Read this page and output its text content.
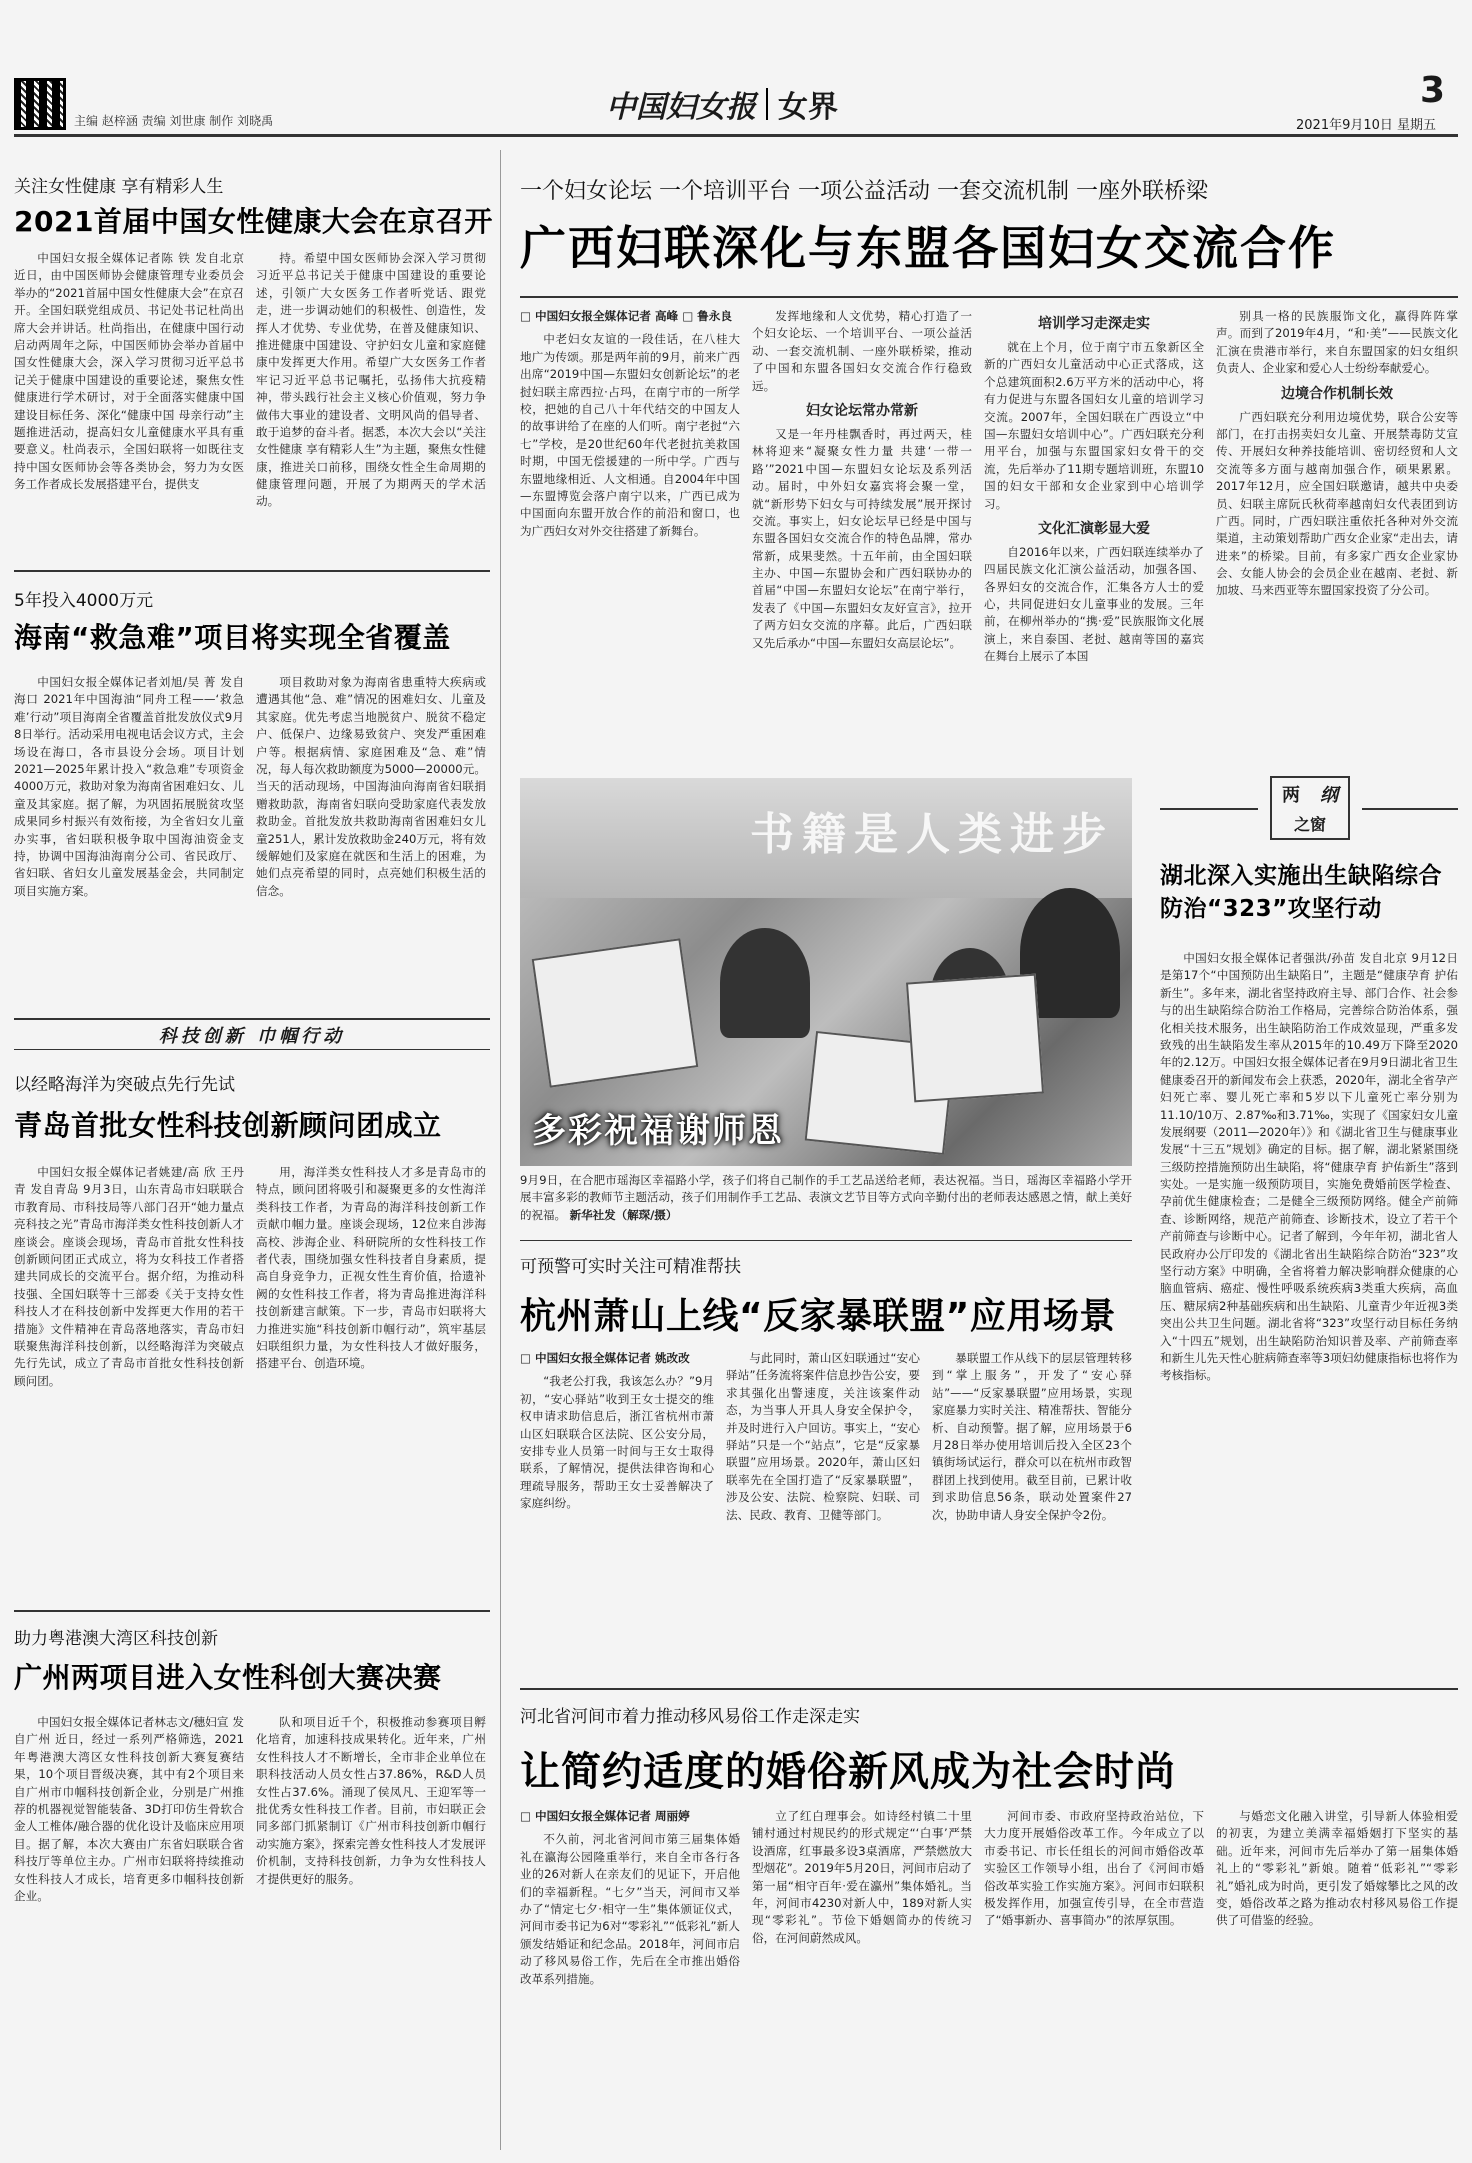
主编 赵梓涵 责编 刘世康 制作 刘晓禹	中国妇女报 女界	3
2021年9月10日 星期五
关注女性健康 享有精彩人生
2021首届中国女性健康大会在京召开

中国妇女报全媒体记者陈 铁 发自北京 近日，由中国医师协会健康管理专业委员会举办的“2021首届中国女性健康大会”在京召开。全国妇联党组成员、书记处书记杜尚出席大会并讲话。杜尚指出，在健康中国行动启动两周年之际，中国医师协会举办首届中国女性健康大会，深入学习贯彻习近平总书记关于健康中国建设的重要论述，聚焦女性健康进行学术研讨，对于全面落实健康中国建设目标任务、深化“健康中国 母亲行动”主题推进活动，提高妇女儿童健康水平具有重要意义。杜尚表示，全国妇联将一如既往支持中国女医师协会等各类协会，努力为女医务工作者成长发展搭建平台，提供支

持。希望中国女医师协会深入学习贯彻习近平总书记关于健康中国建设的重要论述，引领广大女医务工作者听党话、跟党走，进一步调动她们的积极性、创造性，发挥人才优势、专业优势，在普及健康知识、推进健康中国建设、守护妇女儿童和家庭健康中发挥更大作用。希望广大女医务工作者牢记习近平总书记嘱托，弘扬伟大抗疫精神，带头践行社会主义核心价值观，努力争做伟大事业的建设者、文明风尚的倡导者、敢于追梦的奋斗者。据悉，本次大会以“关注女性健康 享有精彩人生”为主题，聚焦女性健康，推进关口前移，围绕女性全生命周期的健康管理问题，开展了为期两天的学术活动。

5年投入4000万元
海南“救急难”项目将实现全省覆盖

中国妇女报全媒体记者刘旭/吴 菁 发自海口 2021年中国海油“同舟工程——‘救急难’行动”项目海南全省覆盖首批发放仪式9月8日举行。活动采用电视电话会议方式，主会场设在海口，各市县设分会场。项目计划2021—2025年累计投入“救急难”专项资金4000万元，救助对象为海南省困难妇女、儿童及其家庭。据了解，为巩固拓展脱贫攻坚成果同乡村振兴有效衔接，为全省妇女儿童办实事，省妇联积极争取中国海油资金支持，协调中国海油海南分公司、省民政厅、省妇联、省妇女儿童发展基金会，共同制定项目实施方案。

项目救助对象为海南省患重特大疾病或遭遇其他“急、难”情况的困难妇女、儿童及其家庭。优先考虑当地脱贫户、脱贫不稳定户、低保户、边缘易致贫户、突发严重困难户等。根据病情、家庭困难及“急、难”情况，每人每次救助额度为5000—20000元。当天的活动现场，中国海油向海南省妇联捐赠救助款，海南省妇联向受助家庭代表发放救助金。首批发放共救助海南省困难妇女儿童251人，累计发放救助金240万元，将有效缓解她们及家庭在就医和生活上的困难，为她们点亮希望的同时，点亮她们积极生活的信念。

科技创新 巾帼行动
以经略海洋为突破点先行先试
青岛首批女性科技创新顾问团成立

中国妇女报全媒体记者姚建/高 欣 王丹青 发自青岛 9月3日，山东青岛市妇联联合市教育局、市科技局等八部门召开“她力量点亮科技之光”青岛市海洋类女性科技创新人才座谈会。座谈会现场，青岛市首批女性科技创新顾问团正式成立，将为女科技工作者搭建共同成长的交流平台。据介绍，为推动科技强、全国妇联等十三部委《关于支持女性科技人才在科技创新中发挥更大作用的若干措施》文件精神在青岛落地落实，青岛市妇联聚焦海洋科技创新，以经略海洋为突破点先行先试，成立了青岛市首批女性科技创新顾问团。

用，海洋类女性科技人才多是青岛市的特点，顾问团将吸引和凝聚更多的女性海洋类科技工作者，为青岛的海洋科技创新工作贡献巾帼力量。座谈会现场，12位来自涉海高校、涉海企业、科研院所的女性科技工作者代表，围绕加强女性科技者自身素质，提高自身竞争力，正视女性生育价值，拾遗补阙的女性科技工作者，将为青岛推进海洋科技创新建言献策。下一步，青岛市妇联将大力推进实施“科技创新巾帼行动”，筑牢基层妇联组织力量，为女性科技人才做好服务，搭建平台、创造环境。

助力粤港澳大湾区科技创新
广州两项目进入女性科创大赛决赛

中国妇女报全媒体记者林志文/穗妇宣 发自广州 近日，经过一系列严格筛选，2021年粤港澳大湾区女性科技创新大赛复赛结果，10个项目晋级决赛，其中有2个项目来自广州市巾帼科技创新企业，分别是广州推荐的机器视觉智能装备、3D打印仿生骨软合金人工椎体/融合器的优化设计及临床应用项目。据了解，本次大赛由广东省妇联联合省科技厅等单位主办。广州市妇联将持续推动女性科技人才成长，培育更多巾帼科技创新企业。

队和项目近千个，积极推动参赛项目孵化培育，加速科技成果转化。近年来，广州女性科技人才不断增长，全市非企业单位在职科技活动人员女性占37.86%，R&D人员女性占37.6%。涌现了侯凤凡、王迎军等一批优秀女性科技工作者。目前，市妇联正会同多部门抓紧制订《广州市科技创新巾帼行动实施方案》，探索完善女性科技人才发展评价机制，支持科技创新，力争为女性科技人才提供更好的服务。

一个妇女论坛 一个培训平台 一项公益活动 一套交流机制 一座外联桥梁
广西妇联深化与东盟各国妇女交流合作
□ 中国妇女报全媒体记者 高峰 □ 鲁永良

中老妇女友谊的一段佳话，在八桂大地广为传颂。那是两年前的9月，前来广西出席“2019中国—东盟妇女创新论坛”的老挝妇联主席西拉·占玛，在南宁市的一所学校，把她的自己八十年代结交的中国友人的故事讲给了在座的人们听。南宁老挝“六七”学校，是20世纪60年代老挝抗美救国时期，中国无偿援建的一所中学。广西与东盟地缘相近、人文相通。自2004年中国—东盟博览会落户南宁以来，广西已成为中国面向东盟开放合作的前沿和窗口，也为广西妇女对外交往搭建了新舞台。

发挥地缘和人文优势，精心打造了一个妇女论坛、一个培训平台、一项公益活动、一套交流机制、一座外联桥梁，推动了中国和东盟各国妇女交流合作行稳致远。

妇女论坛常办常新

又是一年丹桂飘香时，再过两天，桂林将迎来“凝聚女性力量 共建‘一带一路’”2021中国—东盟妇女论坛及系列活动。届时，中外妇女嘉宾将会聚一堂，就“新形势下妇女与可持续发展”展开探讨交流。事实上，妇女论坛早已经是中国与东盟各国妇女交流合作的特色品牌，常办常新，成果斐然。十五年前，由全国妇联主办、中国—东盟协会和广西妇联协办的首届“中国—东盟妇女论坛”在南宁举行，发表了《中国—东盟妇女友好宣言》，拉开了两方妇女交流的序幕。此后，广西妇联又先后承办“中国—东盟妇女高层论坛”。

培训学习走深走实

就在上个月，位于南宁市五象新区全新的广西妇女儿童活动中心正式落成，这个总建筑面积2.6万平方米的活动中心，将有力促进与东盟各国妇女儿童的培训学习交流。2007年，全国妇联在广西设立“中国—东盟妇女培训中心”。广西妇联充分利用平台，加强与东盟国家妇女骨干的交流，先后举办了11期专题培训班，东盟10国的妇女干部和女企业家到中心培训学习。

文化汇演彰显大爱

自2016年以来，广西妇联连续举办了四届民族文化汇演公益活动，加强各国、各界妇女的交流合作，汇集各方人士的爱心，共同促进妇女儿童事业的发展。三年前，在柳州举办的“携·爱”民族服饰文化展演上，来自泰国、老挝、越南等国的嘉宾在舞台上展示了本国

别具一格的民族服饰文化，赢得阵阵掌声。而到了2019年4月，“和·美”——民族文化汇演在贵港市举行，来自东盟国家的妇女组织负责人、企业家和爱心人士纷纷奉献爱心。

边境合作机制长效

广西妇联充分利用边境优势，联合公安等部门，在打击拐卖妇女儿童、开展禁毒防艾宣传、开展妇女种养技能培训、密切经贸和人文交流等多方面与越南加强合作，硕果累累。2017年12月，应全国妇联邀请，越共中央委员、妇联主席阮氏秋荷率越南妇女代表团到访广西。同时，广西妇联注重依托各种对外交流渠道，主动策划帮助广西女企业家“走出去，请进来”的桥梁。目前，有多家广西女企业家协会、女能人协会的会员企业在越南、老挝、新加坡、马来西亚等东盟国家投资了分公司。

书籍是人类进步
多彩祝福谢师恩
9月9日，在合肥市瑶海区幸福路小学，孩子们将自己制作的手工艺品送给老师，表达祝福。当日，瑶海区幸福路小学开展丰富多彩的教师节主题活动，孩子们用制作手工艺品、表演文艺节目等方式向辛勤付出的老师表达感恩之情，献上美好的祝福。 新华社发（解琛/摄）
两	纲
之窗
湖北深入实施出生缺陷综合防治“323”攻坚行动

中国妇女报全媒体记者强洪/孙苗 发自北京 9月12日是第17个“中国预防出生缺陷日”，主题是“健康孕育 护佑新生”。多年来，湖北省坚持政府主导、部门合作、社会参与的出生缺陷综合防治工作格局，完善综合防治体系，强化相关技术服务，出生缺陷防治工作成效显现，严重多发致残的出生缺陷发生率从2015年的10.49万下降至2020年的2.12万。中国妇女报全媒体记者在9月9日湖北省卫生健康委召开的新闻发布会上获悉，2020年，湖北全省孕产妇死亡率、婴儿死亡率和5岁以下儿童死亡率分别为11.10/10万、2.87‰和3.71‰，实现了《国家妇女儿童发展纲要（2011—2020年）》和《湖北省卫生与健康事业发展“十三五”规划》确定的目标。据了解，湖北紧紧围绕三级防控措施预防出生缺陷，将“健康孕育 护佑新生”落到实处。一是实施一级预防项目，实施免费婚前医学检查、孕前优生健康检查；二是健全三级预防网络。健全产前筛查、诊断网络，规范产前筛查、诊断技术，设立了若干个产前筛查与诊断中心。记者了解到，今年年初，湖北省人民政府办公厅印发的《湖北省出生缺陷综合防治“323”攻坚行动方案》中明确，全省将着力解决影响群众健康的心脑血管病、癌症、慢性呼吸系统疾病3类重大疾病，高血压、糖尿病2种基础疾病和出生缺陷、儿童青少年近视3类突出公共卫生问题。湖北省将“323”攻坚行动目标任务纳入“十四五”规划，出生缺陷防治知识普及率、产前筛查率和新生儿先天性心脏病筛查率等3项妇幼健康指标也将作为考核指标。

可预警可实时关注可精准帮扶
杭州萧山上线“反家暴联盟”应用场景
□ 中国妇女报全媒体记者 姚改改

“我老公打我，我该怎么办？”9月初，“安心驿站”收到王女士提交的维权申请求助信息后，浙江省杭州市萧山区妇联联合区法院、区公安分局，安排专业人员第一时间与王女士取得联系，了解情况，提供法律咨询和心理疏导服务，帮助王女士妥善解决了家庭纠纷。

与此同时，萧山区妇联通过“安心驿站”任务流将案件信息抄告公安，要求其强化出警速度，关注该案件动态，为当事人开具人身安全保护令，并及时进行入户回访。事实上，“安心驿站”只是一个“站点”，它是“反家暴联盟”应用场景。2020年，萧山区妇联率先在全国打造了“反家暴联盟”，涉及公安、法院、检察院、妇联、司法、民政、教育、卫健等部门。

暴联盟工作从线下的层层管理转移到“掌上服务”，开发了“安心驿站”——“反家暴联盟”应用场景，实现家庭暴力实时关注、精准帮扶、智能分析、自动预警。据了解，应用场景于6月28日举办使用培训后投入全区23个镇街场试运行，群众可以在杭州市政智群团上找到使用。截至目前，已累计收到求助信息56条，联动处置案件27次，协助申请人身安全保护令2份。

河北省河间市着力推动移风易俗工作走深走实
让简约适度的婚俗新风成为社会时尚
□ 中国妇女报全媒体记者 周丽婷

不久前，河北省河间市第三届集体婚礼在瀛海公园隆重举行，来自全市各行各业的26对新人在亲友们的见证下，开启他们的幸福新程。“七夕”当天，河间市又举办了“情定七夕·相守一生”集体颁证仪式，河间市委书记为6对“零彩礼”“低彩礼”新人颁发结婚证和纪念品。2018年，河间市启动了移风易俗工作，先后在全市推出婚俗改革系列措施。

立了红白理事会。如诗经村镇二十里铺村通过村规民约的形式规定“‘白事’严禁设酒席，红事最多设3桌酒席，严禁燃放大型烟花”。2019年5月20日，河间市启动了第一届“相守百年·爱在瀛州”集体婚礼。当年，河间市4230对新人中，189对新人实现“零彩礼”。节俭下婚姻简办的传统习俗，在河间蔚然成风。

河间市委、市政府坚持政治站位，下大力度开展婚俗改革工作。今年成立了以市委书记、市长任组长的河间市婚俗改革实验区工作领导小组，出台了《河间市婚俗改革实验工作实施方案》。河间市妇联积极发挥作用，加强宣传引导，在全市营造了“婚事新办、喜事简办”的浓厚氛围。

与婚恋文化融入讲堂，引导新人体验相爱的初衷，为建立美满幸福婚姻打下坚实的基础。近年来，河间市先后举办了第一届集体婚礼上的“零彩礼”新娘。随着“低彩礼”“零彩礼”婚礼成为时尚，更引发了婚嫁攀比之风的改变，婚俗改革之路为推动农村移风易俗工作提供了可借鉴的经验。
